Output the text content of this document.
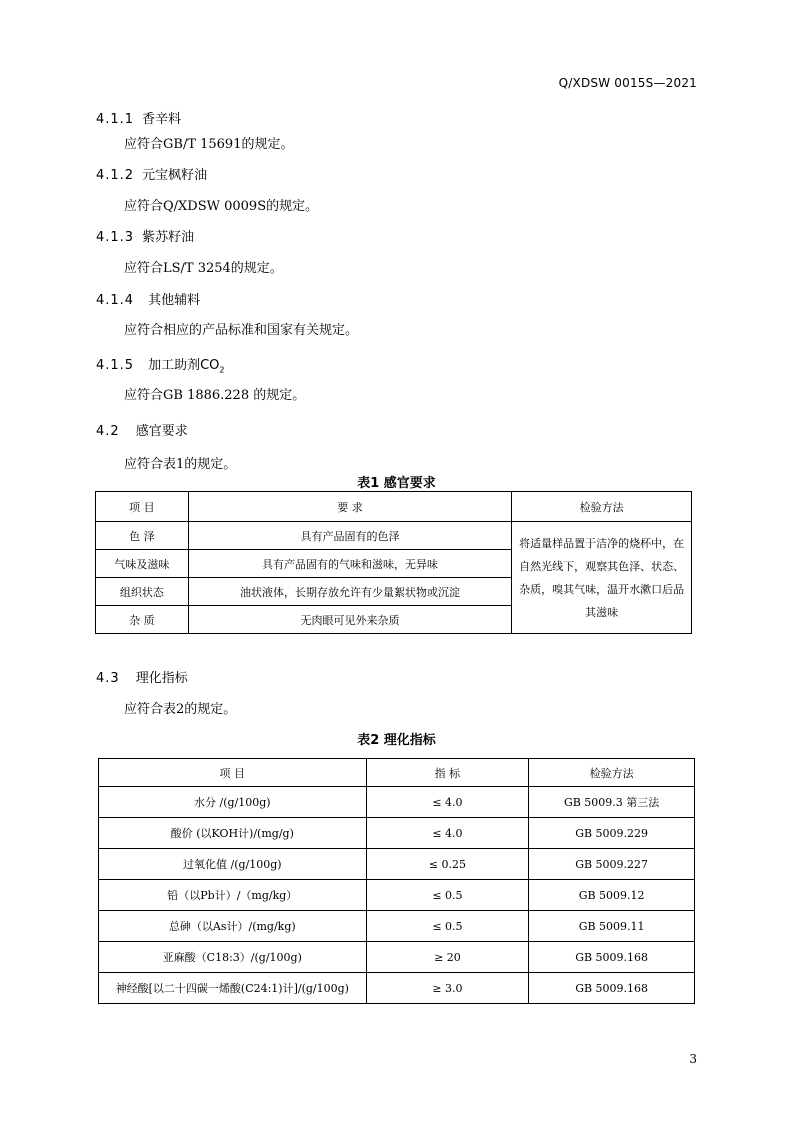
Q/XDSW 0015S—2021
4.1.1 香辛料
应符合GB/T 15691的规定。
4.1.2 元宝枫籽油
应符合Q/XDSW 0009S的规定。
4.1.3 紫苏籽油
应符合LS/T 3254的规定。
4.1.4 其他辅料
应符合相应的产品标准和国家有关规定。
4.1.5 加工助剂$CO_2$
应符合GB 1886.228 的规定。
4.2 感官要求
应符合表1的规定。
表1 感官要求
项 目	要 求	检验方法
色 泽	具有产品固有的色泽	将适量样品置于洁净的烧杯中，在自然光线下，观察其色泽、状态、杂质，嗅其气味，温开水漱口后品其滋味
气味及滋味	具有产品固有的气味和滋味，无异味	
组织状态	油状液体，长期存放允许有少量絮状物或沉淀	
杂 质	无肉眼可见外来杂质	
4.3 理化指标
应符合表2的规定。
表2 理化指标
项 目	指 标	检验方法
水分 /(g/100g)	≤ 4.0	GB 5009.3 第三法
酸价 (以KOH计)/(mg/g)	≤ 4.0	GB 5009.229
过氧化值 /(g/100g)	≤ 0.25	GB 5009.227
铅（以Pb计）/（mg/kg）	≤ 0.5	GB 5009.12
总砷（以As计）/(mg/kg)	≤ 0.5	GB 5009.11
亚麻酸（C18:3）/(g/100g)	≥ 20	GB 5009.168
神经酸[以二十四碳一烯酸(C24:1)计]/(g/100g)	≥ 3.0	GB 5009.168
3
